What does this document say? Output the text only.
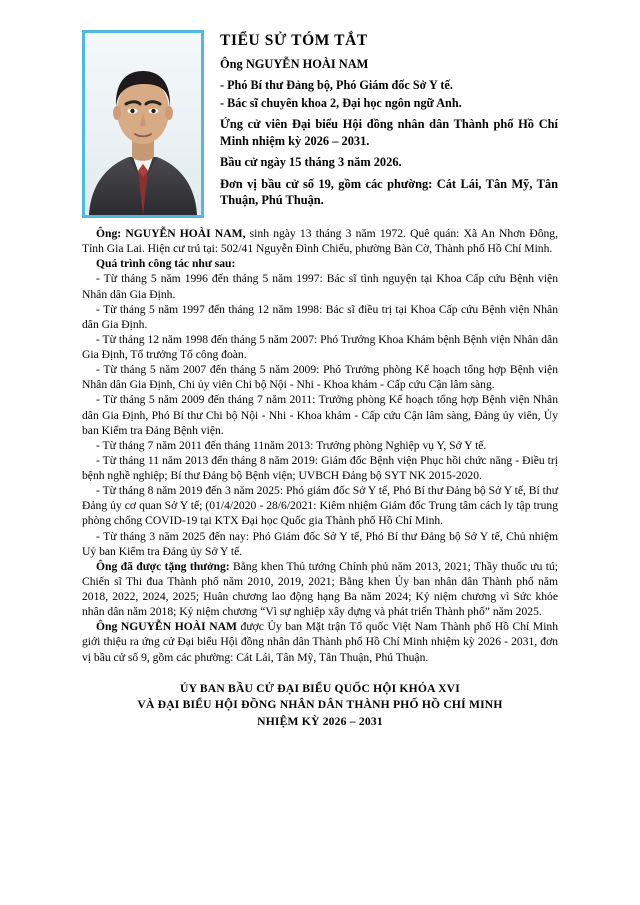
TIỂU SỬ TÓM TẮT
Ông NGUYỄN HOÀI NAM
- Phó Bí thư Đảng bộ, Phó Giám đốc Sở Y tế.
- Bác sĩ chuyên khoa 2, Đại học ngôn ngữ Anh.
Ứng cử viên Đại biểu Hội đồng nhân dân Thành phố Hồ Chí Minh nhiệm kỳ 2026 – 2031.
Bầu cử ngày 15 tháng 3 năm 2026.
Đơn vị bầu cử số 19, gồm các phường: Cát Lái, Tân Mỹ, Tân Thuận, Phú Thuận.

Ông: NGUYỄN HOÀI NAM, sinh ngày 13 tháng 3 năm 1972. Quê quán: Xã An Nhơn Đông, Tỉnh Gia Lai. Hiện cư trú tại: 502/41 Nguyễn Đình Chiểu, phường Bàn Cờ, Thành phố Hồ Chí Minh.

Quá trình công tác như sau:

- Từ tháng 5 năm 1996 đến tháng 5 năm 1997: Bác sĩ tình nguyện tại Khoa Cấp cứu Bệnh viện Nhân dân Gia Định.

- Từ tháng 5 năm 1997 đến tháng 12 năm 1998: Bác sĩ điều trị tại Khoa Cấp cứu Bệnh viện Nhân dân Gia Định.

- Từ tháng 12 năm 1998 đến tháng 5 năm 2007: Phó Trưởng Khoa Khám bệnh Bệnh viện Nhân dân Gia Định, Tổ trưởng Tổ công đoàn.

- Từ tháng 5 năm 2007 đến tháng 5 năm 2009: Phó Trưởng phòng Kế hoạch tổng hợp Bệnh viện Nhân dân Gia Định, Chi ủy viên Chi bộ Nội - Nhi - Khoa khám - Cấp cứu Cận lâm sàng.

- Từ tháng 5 năm 2009 đến tháng 7 năm 2011: Trưởng phòng Kế hoạch tổng hợp Bệnh viện Nhân dân Gia Định, Phó Bí thư Chi bộ Nội - Nhi - Khoa khám - Cấp cứu Cận lâm sàng, Đảng ủy viên, Ủy ban Kiểm tra Đảng Bệnh viện.

- Từ tháng 7 năm 2011 đến tháng 11năm 2013: Trưởng phòng Nghiệp vụ Y, Sở Y tế.

- Từ tháng 11 năm 2013 đến tháng 8 năm 2019: Giám đốc Bệnh viện Phục hồi chức năng - Điều trị bệnh nghề nghiệp; Bí thư Đảng bộ Bệnh viện; UVBCH Đảng bộ SYT NK 2015-2020.

- Từ tháng 8 năm 2019 đến 3 năm 2025: Phó giám đốc Sở Y tế, Phó Bí thư Đảng bộ Sở Y tế, Bí thư Đảng ủy cơ quan Sở Y tế; (01/4/2020 - 28/6/2021: Kiêm nhiệm Giám đốc Trung tâm cách ly tập trung phòng chống COVID-19 tại KTX Đại học Quốc gia Thành phố Hồ Chí Minh.

- Từ tháng 3 năm 2025 đến nay: Phó Giám đốc Sở Y tế, Phó Bí thư Đảng bộ Sở Y tế, Chủ nhiệm Uỷ ban Kiểm tra Đảng ủy Sở Y tế.

Ông đã được tặng thưởng: Bằng khen Thủ tướng Chính phủ năm 2013, 2021; Thầy thuốc ưu tú; Chiến sĩ Thi đua Thành phố năm 2010, 2019, 2021; Bằng khen Ủy ban nhân dân Thành phố năm 2018, 2022, 2024, 2025; Huân chương lao động hạng Ba năm 2024; Kỷ niệm chương vì Sức khỏe nhân dân năm 2018; Kỷ niệm chương “Vì sự nghiệp xây dựng và phát triển Thành phố” năm 2025.

Ông NGUYỄN HOÀI NAM được Ủy ban Mặt trận Tổ quốc Việt Nam Thành phố Hồ Chí Minh giới thiệu ra ứng cử Đại biểu Hội đồng nhân dân Thành phố Hồ Chí Minh nhiệm kỳ 2026 - 2031, đơn vị bầu cử số 9, gồm các phường: Cát Lái, Tân Mỹ, Tân Thuận, Phú Thuận.

ỦY BAN BẦU CỬ ĐẠI BIỂU QUỐC HỘI KHÓA XVI
VÀ ĐẠI BIỂU HỘI ĐỒNG NHÂN DÂN THÀNH PHỐ HỒ CHÍ MINH
NHIỆM KỲ 2026 – 2031
